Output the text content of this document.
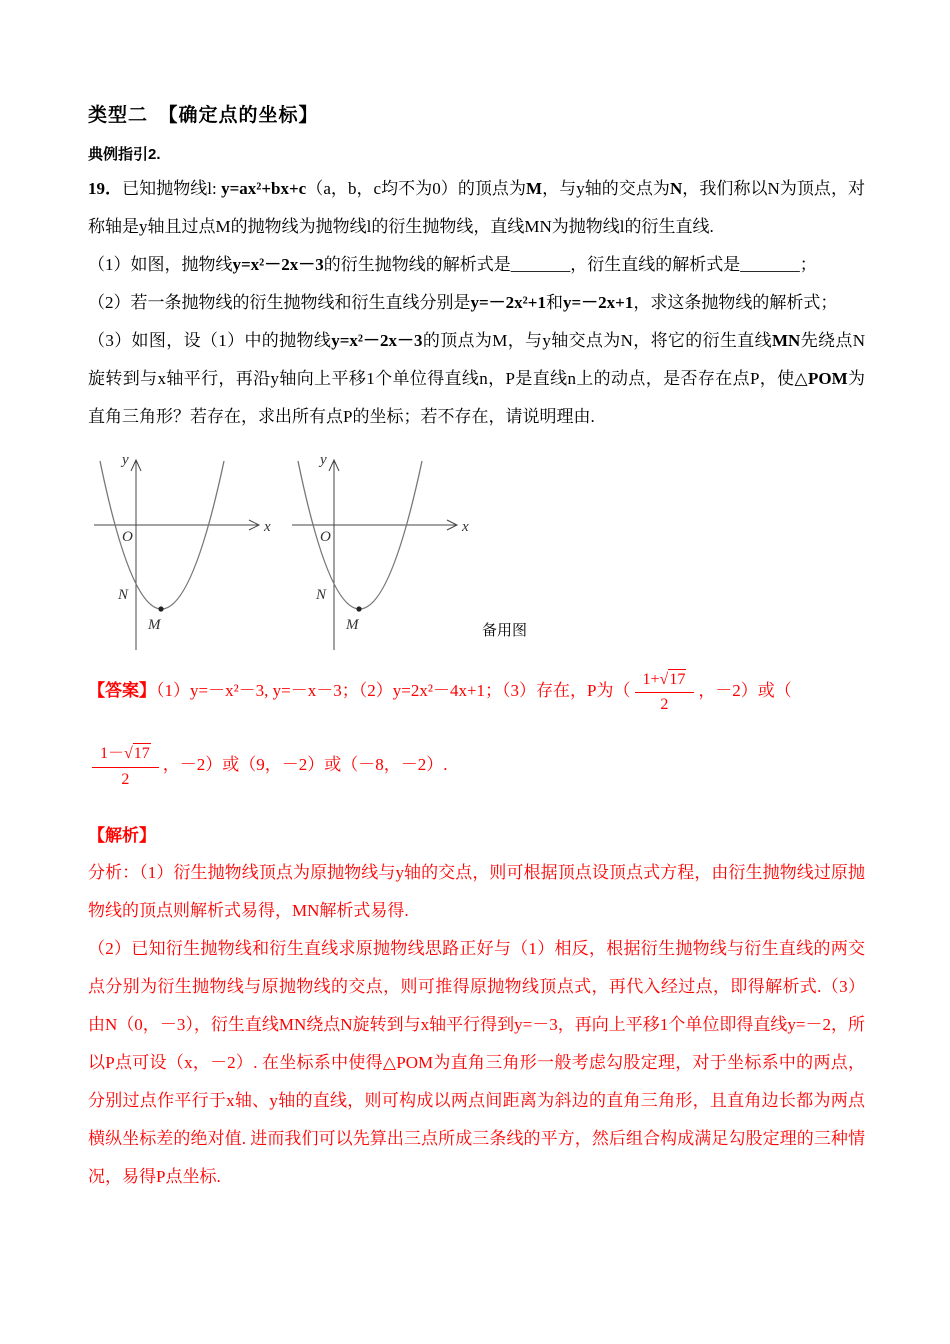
类型二　【确定点的坐标】
典例指引2.

19．已知抛物线l: y=ax²+bx+c（a，b，c均不为0）的顶点为M，与y轴的交点为N，我们称以N为顶点，对称轴是y轴且过点M的抛物线为抛物线l的衍生抛物线，直线MN为抛物线l的衍生直线.

（1）如图，抛物线y=x²－2x－3的衍生抛物线的解析式是_______，衍生直线的解析式是_______；

（2）若一条抛物线的衍生抛物线和衍生直线分别是y=－2x²+1和y=－2x+1，求这条抛物线的解析式；

（3）如图，设（1）中的抛物线y=x²－2x－3的顶点为M，与y轴交点为N，将它的衍生直线MN先绕点N旋转到与x轴平行，再沿y轴向上平移1个单位得直线n，P是直线n上的动点，是否存在点P，使△POM为直角三角形？若存在，求出所有点P的坐标；若不存在，请说明理由.

y
x
O
N
M
y
x
O
N
M	备用图

【答案】（1）y=－x²－3, y=－x－3；（2）y=2x²－4x+1；（3）存在，P为（ $\frac{1+√17}{2}$ ，－2）或（

$\frac{1-√17}{2}$ ，－2）或（9，－2）或（－8，－2）.

【解析】

分析：（1）衍生抛物线顶点为原抛物线与y轴的交点，则可根据顶点设顶点式方程，由衍生抛物线过原抛物线的顶点则解析式易得，MN解析式易得.

（2）已知衍生抛物线和衍生直线求原抛物线思路正好与（1）相反，根据衍生抛物线与衍生直线的两交点分别为衍生抛物线与原抛物线的交点，则可推得原抛物线顶点式，再代入经过点，即得解析式.（3）由N（0，－3），衍生直线MN绕点N旋转到与x轴平行得到y=－3，再向上平移1个单位即得直线y=－2，所以P点可设（x，－2）. 在坐标系中使得△POM为直角三角形一般考虑勾股定理，对于坐标系中的两点，分别过点作平行于x轴、y轴的直线，则可构成以两点间距离为斜边的直角三角形，且直角边长都为两点横纵坐标差的绝对值. 进而我们可以先算出三点所成三条线的平方，然后组合构成满足勾股定理的三种情况，易得P点坐标.
